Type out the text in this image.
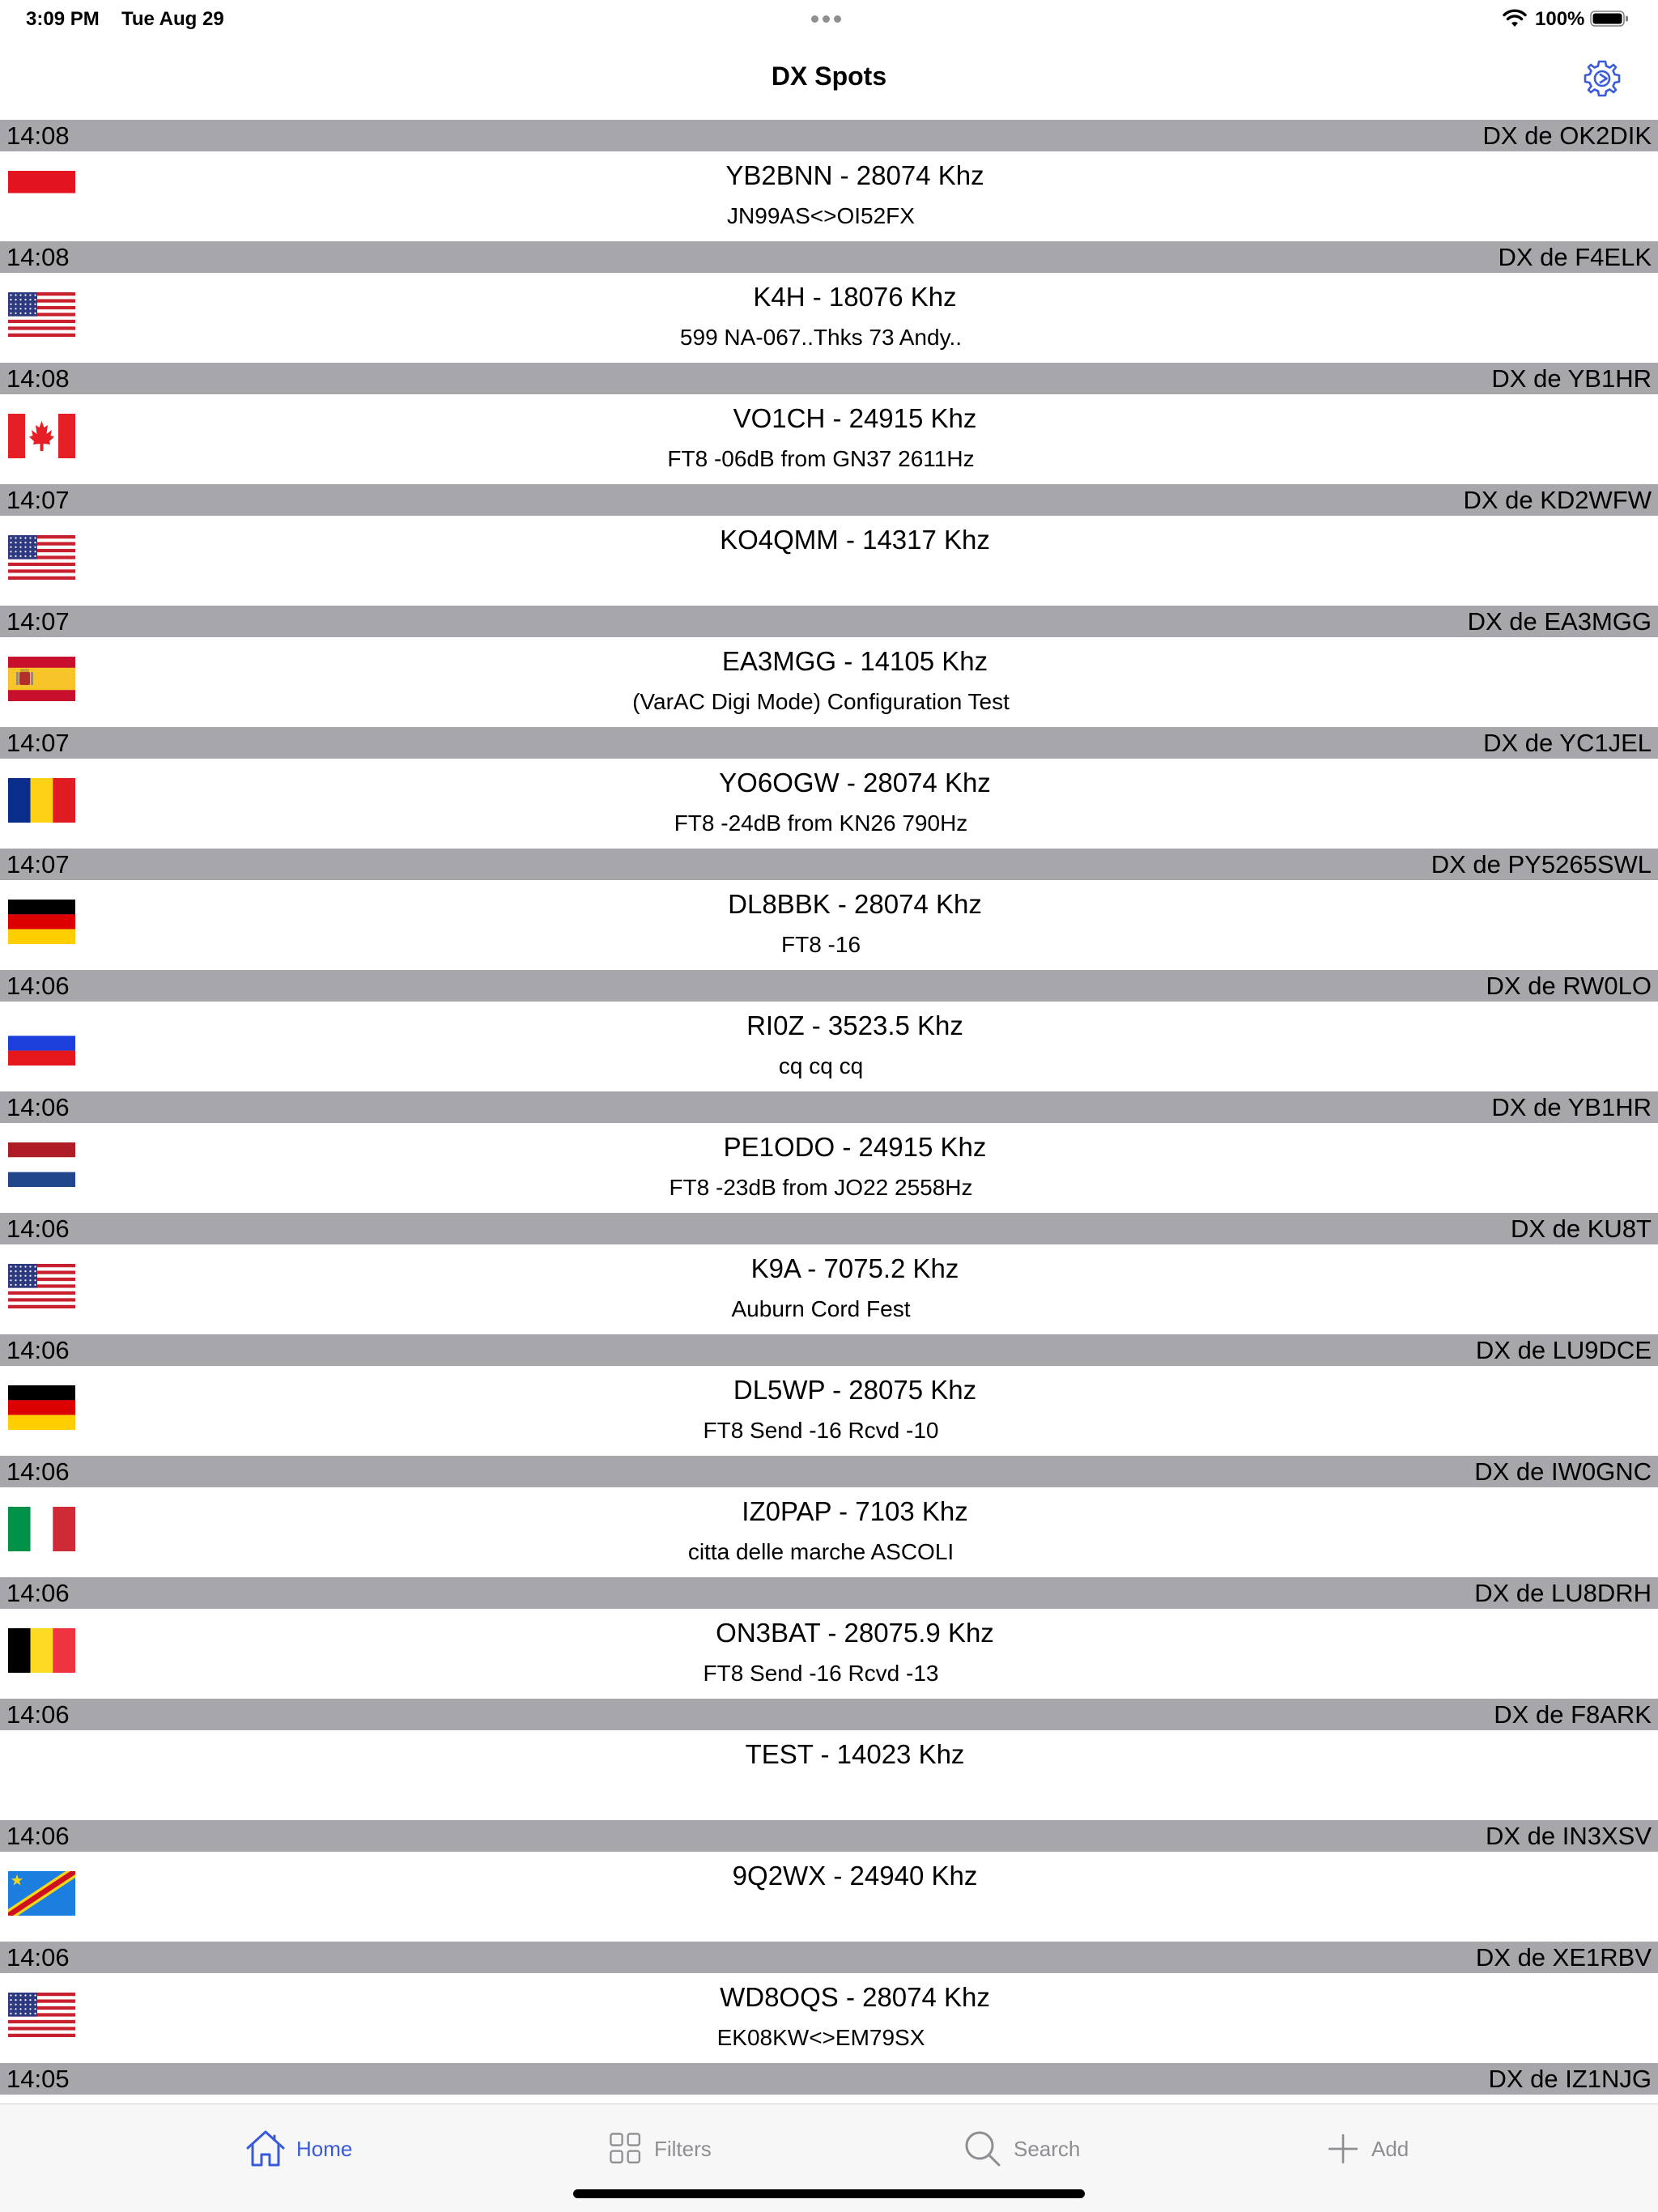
3:09 PM Tue Aug 29	100%
DX Spots
14:08	DX de OK2DIK
YB2BNN - 28074 Khz
JN99AS<>OI52FX
14:08	DX de F4ELK
K4H - 18076 Khz
599 NA-067..Thks 73 Andy..
14:08	DX de YB1HR
VO1CH - 24915 Khz
FT8 -06dB from GN37 2611Hz
14:07	DX de KD2WFW
KO4QMM - 14317 Khz
14:07	DX de EA3MGG
EA3MGG - 14105 Khz
(VarAC Digi Mode) Configuration Test
14:07	DX de YC1JEL
YO6OGW - 28074 Khz
FT8 -24dB from KN26 790Hz
14:07	DX de PY5265SWL
DL8BBK - 28074 Khz
FT8 -16
14:06	DX de RW0LO
RI0Z - 3523.5 Khz
cq cq cq
14:06	DX de YB1HR
PE1ODO - 24915 Khz
FT8 -23dB from JO22 2558Hz
14:06	DX de KU8T
K9A - 7075.2 Khz
Auburn Cord Fest
14:06	DX de LU9DCE
DL5WP - 28075 Khz
FT8 Send -16 Rcvd -10
14:06	DX de IW0GNC
IZ0PAP - 7103 Khz
citta delle marche ASCOLI
14:06	DX de LU8DRH
ON3BAT - 28075.9 Khz
FT8 Send -16 Rcvd -13
14:06	DX de F8ARK
TEST - 14023 Khz
14:06	DX de IN3XSV
9Q2WX - 24940 Khz
14:06	DX de XE1RBV
WD8OQS - 28074 Khz
EK08KW<>EM79SX
14:05	DX de IZ1NJG
Home	Filters	Search	Add
